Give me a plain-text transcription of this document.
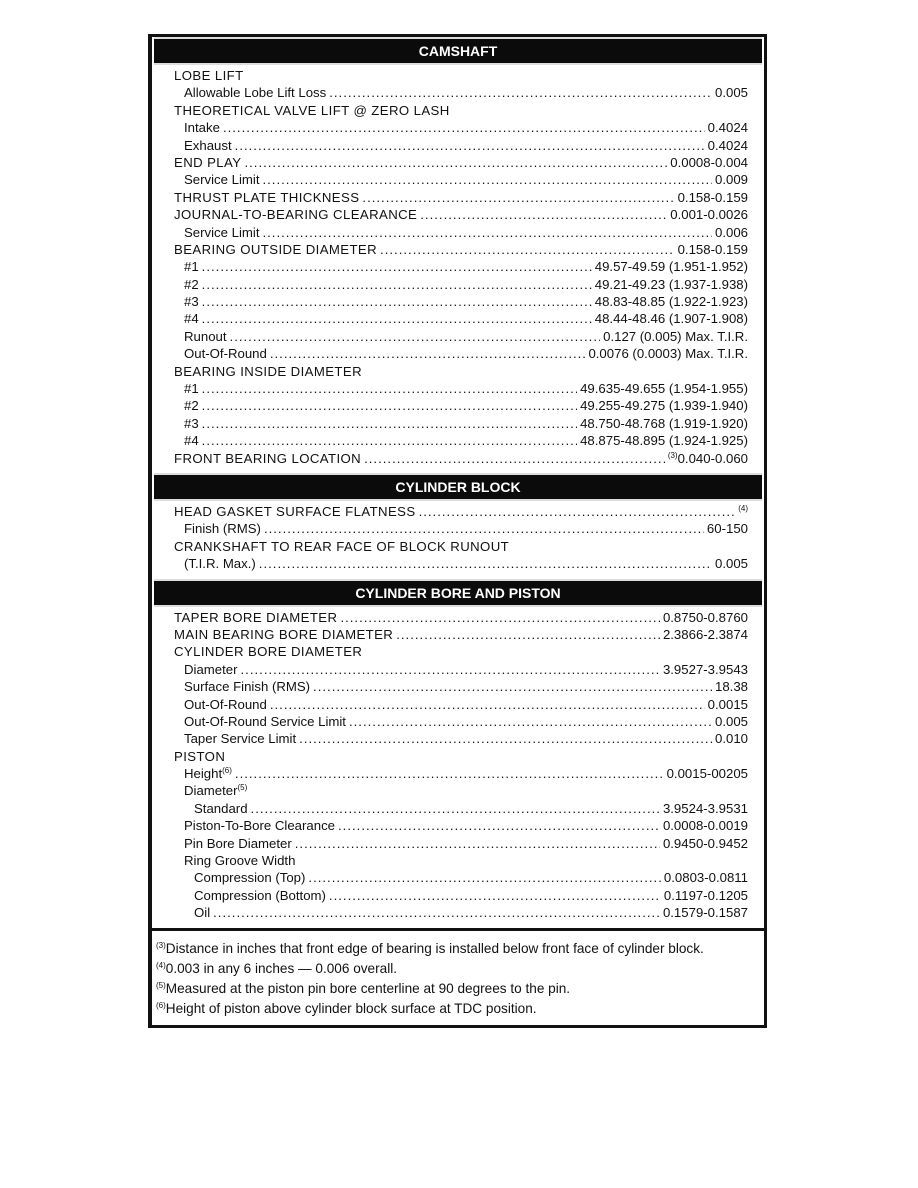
CAMSHAFT
LOBE LIFT
Allowable Lobe Lift Loss .....	0.005
THEORETICAL VALVE LIFT @ ZERO LASH
Intake .....	0.4024
Exhaust .....	0.4024
END PLAY .....	0.0008-0.004
Service Limit .....	0.009
THRUST PLATE THICKNESS .....	0.158-0.159
JOURNAL-TO-BEARING CLEARANCE .....	0.001-0.0026
Service Limit .....	0.006
BEARING OUTSIDE DIAMETER .....	0.158-0.159
#1 .....	49.57-49.59 (1.951-1.952)
#2 .....	49.21-49.23 (1.937-1.938)
#3 .....	48.83-48.85 (1.922-1.923)
#4 .....	48.44-48.46 (1.907-1.908)
Runout .....	0.127 (0.005) Max. T.I.R.
Out-Of-Round .....	0.0076 (0.0003) Max. T.I.R.
BEARING INSIDE DIAMETER
#1 .....	49.635-49.655 (1.954-1.955)
#2 .....	49.255-49.275 (1.939-1.940)
#3 .....	48.750-48.768 (1.919-1.920)
#4 .....	48.875-48.895 (1.924-1.925)
FRONT BEARING LOCATION .....	$^{(3)}$0.040-0.060
CYLINDER BLOCK
HEAD GASKET SURFACE FLATNESS .....	$^{(4)}$
Finish (RMS) .....	60-150
CRANKSHAFT TO REAR FACE OF BLOCK RUNOUT
(T.I.R. Max.) .....	0.005
CYLINDER BORE AND PISTON
TAPER BORE DIAMETER .....	0.8750-0.8760
MAIN BEARING BORE DIAMETER .....	2.3866-2.3874
CYLINDER BORE DIAMETER
Diameter .....	3.9527-3.9543
Surface Finish (RMS) .....	18.38
Out-Of-Round .....	0.0015
Out-Of-Round Service Limit .....	0.005
Taper Service Limit .....	0.010
PISTON
Height$^{(6)}$ .....	0.0015-00205
Diameter$^{(5)}$
Standard .....	3.9524-3.9531
Piston-To-Bore Clearance .....	0.0008-0.0019
Pin Bore Diameter .....	0.9450-0.9452
Ring Groove Width
Compression (Top) .....	0.0803-0.0811
Compression (Bottom) .....	0.1197-0.1205
Oil .....	0.1579-0.1587
$^{(3)}$Distance in inches that front edge of bearing is installed below front face of cylinder block.
$^{(4)}$0.003 in any 6 inches — 0.006 overall.
$^{(5)}$Measured at the piston pin bore centerline at 90 degrees to the pin.
$^{(6)}$Height of piston above cylinder block surface at TDC position.
